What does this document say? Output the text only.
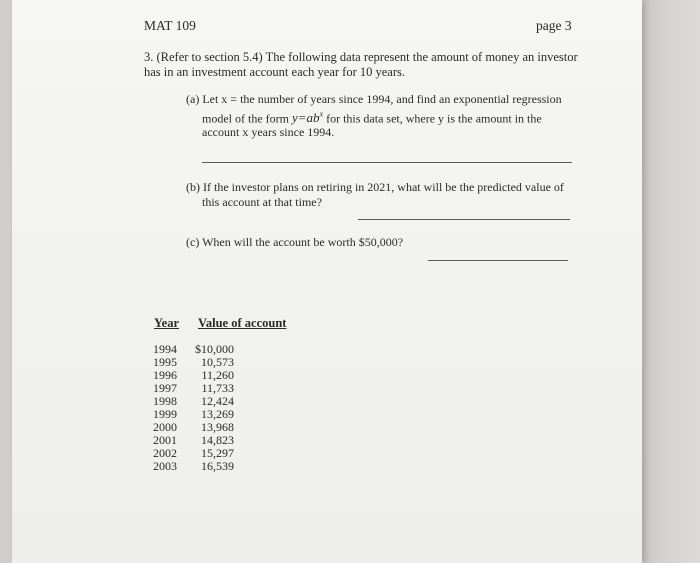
MAT 109	page 3
3. (Refer to section 5.4) The following data represent the amount of money an investor
has in an investment account each year for 10 years.
(a) Let x = the number of years since 1994, and find an exponential regression
model of the form $y=ab^x$ for this data set, where y is the amount in the
account x years since 1994.
(b) If the investor plans on retiring in 2021, what will be the predicted value of
this account at that time?
(c) When will the account be worth $50,000?
Year Value of account
1994	$10,000
1995	10,573
1996	11,260
1997	11,733
1998	12,424
1999	13,269
2000	13,968
2001	14,823
2002	15,297
2003	16,539
